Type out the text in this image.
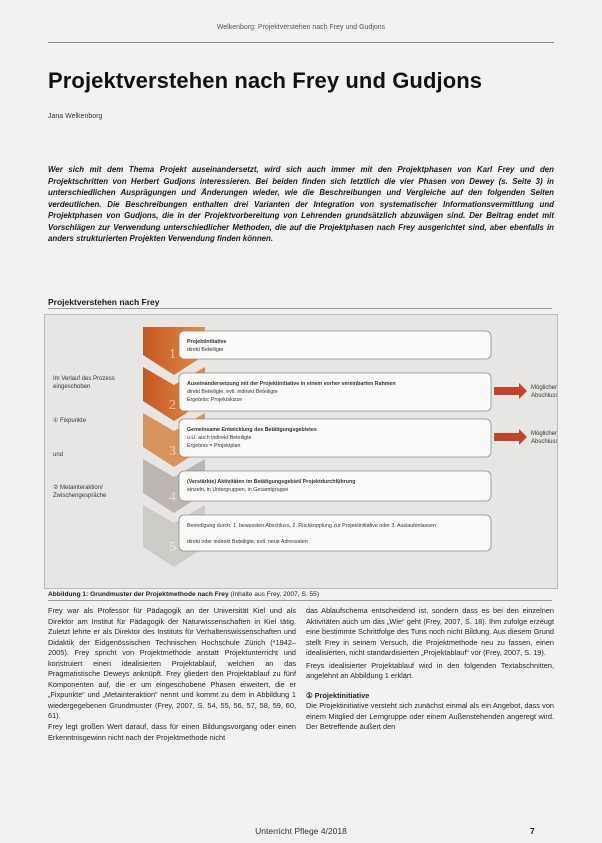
Welkenborg: Projektverstehen nach Frey und Gudjons
Projektverstehen nach Frey und Gudjons
Jana Welkenborg
Wer sich mit dem Thema Projekt auseinandersetzt, wird sich auch immer mit den Projektphasen von Karl Frey und den Projektschritten von Herbert Gudjons interessieren. Bei beiden finden sich letztlich die vier Phasen von Dewey (s. Seite 3) in unterschiedlichen Ausprägungen und Änderungen wieder, wie die Beschreibungen und Vergleiche auf den folgenden Seiten verdeutlichen. Die Beschreibungen enthalten drei Varianten der Integration von systematischer Informationsvermittlung und Projektphasen von Gudjons, die in der Projektvorbereitung von Lehrenden grundsätzlich abzuwägen sind. Der Beitrag endet mit Vorschlägen zur Verwendung unterschiedlicher Methoden, die auf die Projektphasen nach Frey ausgerichtet sind, aber ebenfalls in anders strukturierten Projekten Verwendung finden können.
Projektverstehen nach Frey
Im Verlauf des Prozess
eingeschoben
① Fixpunkte
und
② Metainteraktion/
Zwischengespräche
1
2
3
4
5
Projektinitiative
direkt Beteiligte
Auseinandersetzung mit der Projektinitiative in einem vorher vereinbarten Rahmen
direkt Beteiligte, evtl. indirekt Beteiligte
Ergebnis: Projektskizze
Gemeinsame Entwicklung des Betätigungsgebietes
u.U. auch indirekt Beteiligte
Ergebnis = Projektplan
(Verstärkte) Aktivitäten im Betätigungsgebiet/ Projektdurchführung
einzeln, in Untergruppen, in Gesamtgruppe
Beendigung durch: 1. bewussten Abschluss, 2. Rückkopplung zur Projektinitiative oder 3. Auslaufenlassen
direkt oder indirekt Beteiligte, evtl. neue Adressaten
Möglicher
Abschluss
Möglicher
Abschluss
Abbildung 1: Grundmuster der Projektmethode nach Frey (Inhalte aus Frey, 2007, S. 55)

Frey war als Professor für Pädagogik an der Universität Kiel und als Direktor am Institut für Pädagogik der Naturwissenschaften in Kiel tätig. Zuletzt lehrte er als Direktor des Instituts für Verhaltenswissenschaften und Didaktik der Eidgenössischen Technischen Hochschule Zürich (*1942–2005). Frey spricht von Projektmethode anstatt Projektunterricht und konstruiert einen idealisierten Projektablauf, welchen an das Pragmatistische Deweys anknüpft. Frey gliedert den Projektablauf zu fünf Komponenten auf, die er um eingeschobene Phasen erweitert, die er „Fixpunkte“ und „Metainteraktion“ nennt und kommt zu dem in Abbildung 1 wiedergegebenen Grundmuster (Frey, 2007, S. 54, 55, 56, 57, 58, 59, 60, 61).
Frey legt großen Wert darauf, dass für einen Bildungsvorgang oder einen Erkenntnisgewinn nicht nach der Projektmethode nicht

das Ablaufschema entscheidend ist, sondern dass es bei den einzelnen Aktivitäten auch um das „Wie“ geht (Frey, 2007, S. 18). Ihm zufolge erzeugt eine bestimmte Schrittfolge des Tuns noch nicht Bildung. Aus diesem Grund stellt Frey in seinem Versuch, die Projektmethode neu zu fassen, einen idealisierten, nicht standardisierten „Projektablauf“ vor (Frey, 2007, S. 19).

Freys idealisierter Projektablauf wird in den folgenden Textabschnitten, angelehnt an Abbildung 1 erklärt.

① Projektinitiative

Die Projektinitiative versteht sich zunächst einmal als ein Angebot, dass von einem Mitglied der Lerngruppe oder einem Außenstehenden angeregt wird. Der Betreffende äußert den

Unterricht Pflege 4/2018	7
